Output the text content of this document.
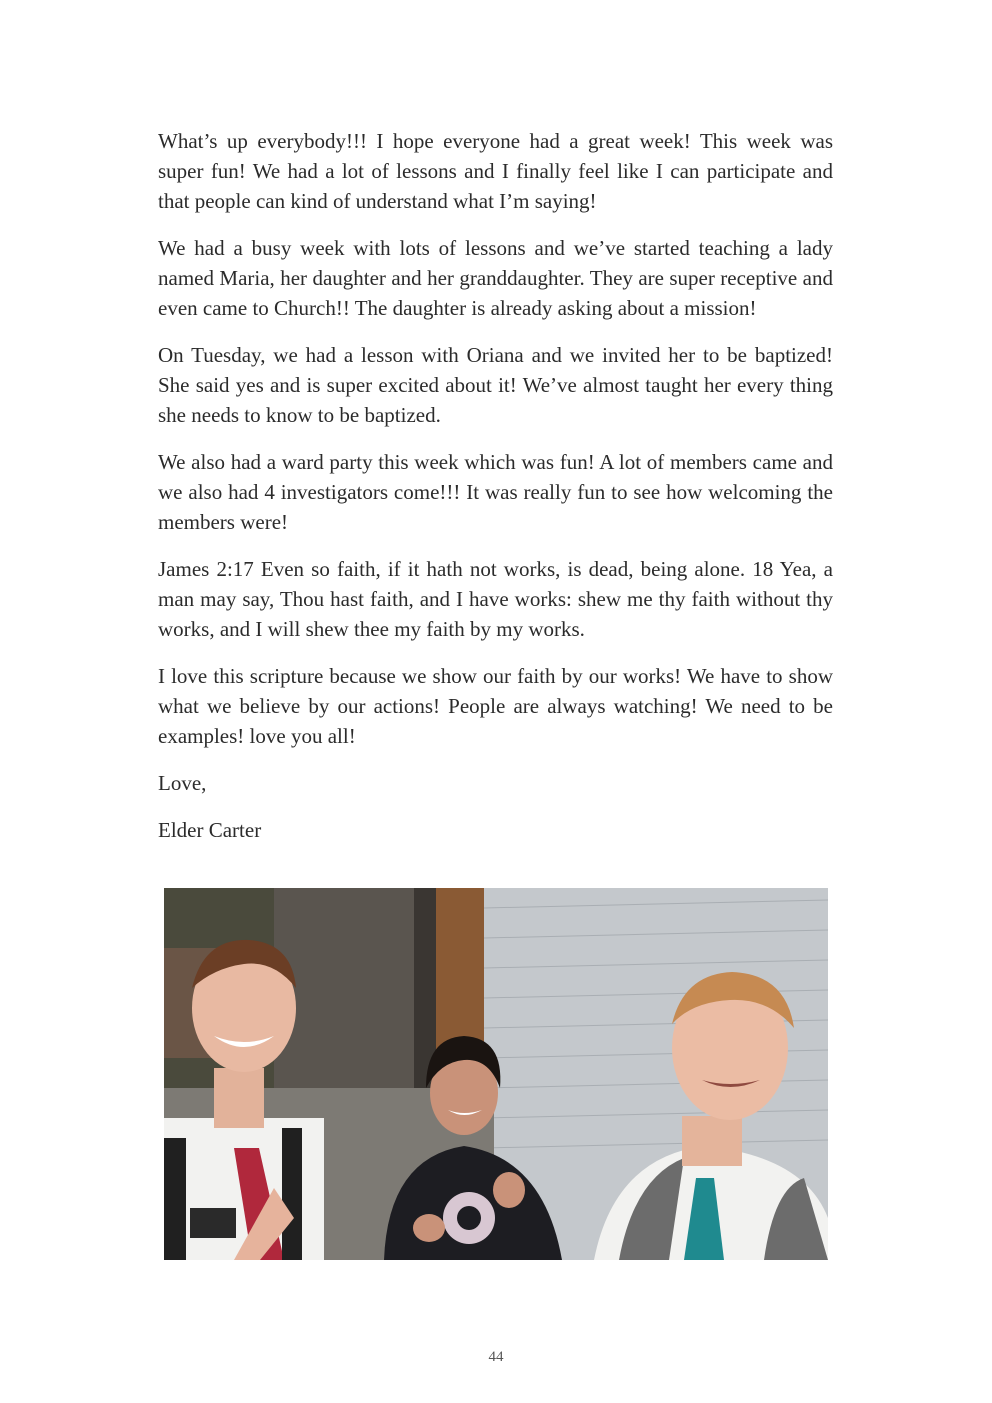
What’s up everybody!!! I hope everyone had a great week! This week was super fun! We had a lot of lessons and I finally feel like I can participate and that people can kind of understand what I’m saying!

We had a busy week with lots of lessons and we’ve started teaching a lady named Maria, her daughter and her granddaughter. They are super receptive and even came to Church!! The daughter is already asking about a mission!

On Tuesday, we had a lesson with Oriana and we invited her to be baptized! She said yes and is super excited about it! We’ve almost taught her every thing she needs to know to be baptized.

We also had a ward party this week which was fun! A lot of members came and we also had 4 investigators come!!! It was really fun to see how welcoming the members were!

James 2:17 Even so faith, if it hath not works, is dead, being alone. 18 Yea, a man may say, Thou hast faith, and I have works: shew me thy faith without thy works, and I will shew thee my faith by my works.

I love this scripture because we show our faith by our works! We have to show what we believe by our actions! People are always watching! We need to be examples! love you all!

Love,

Elder Carter

44
